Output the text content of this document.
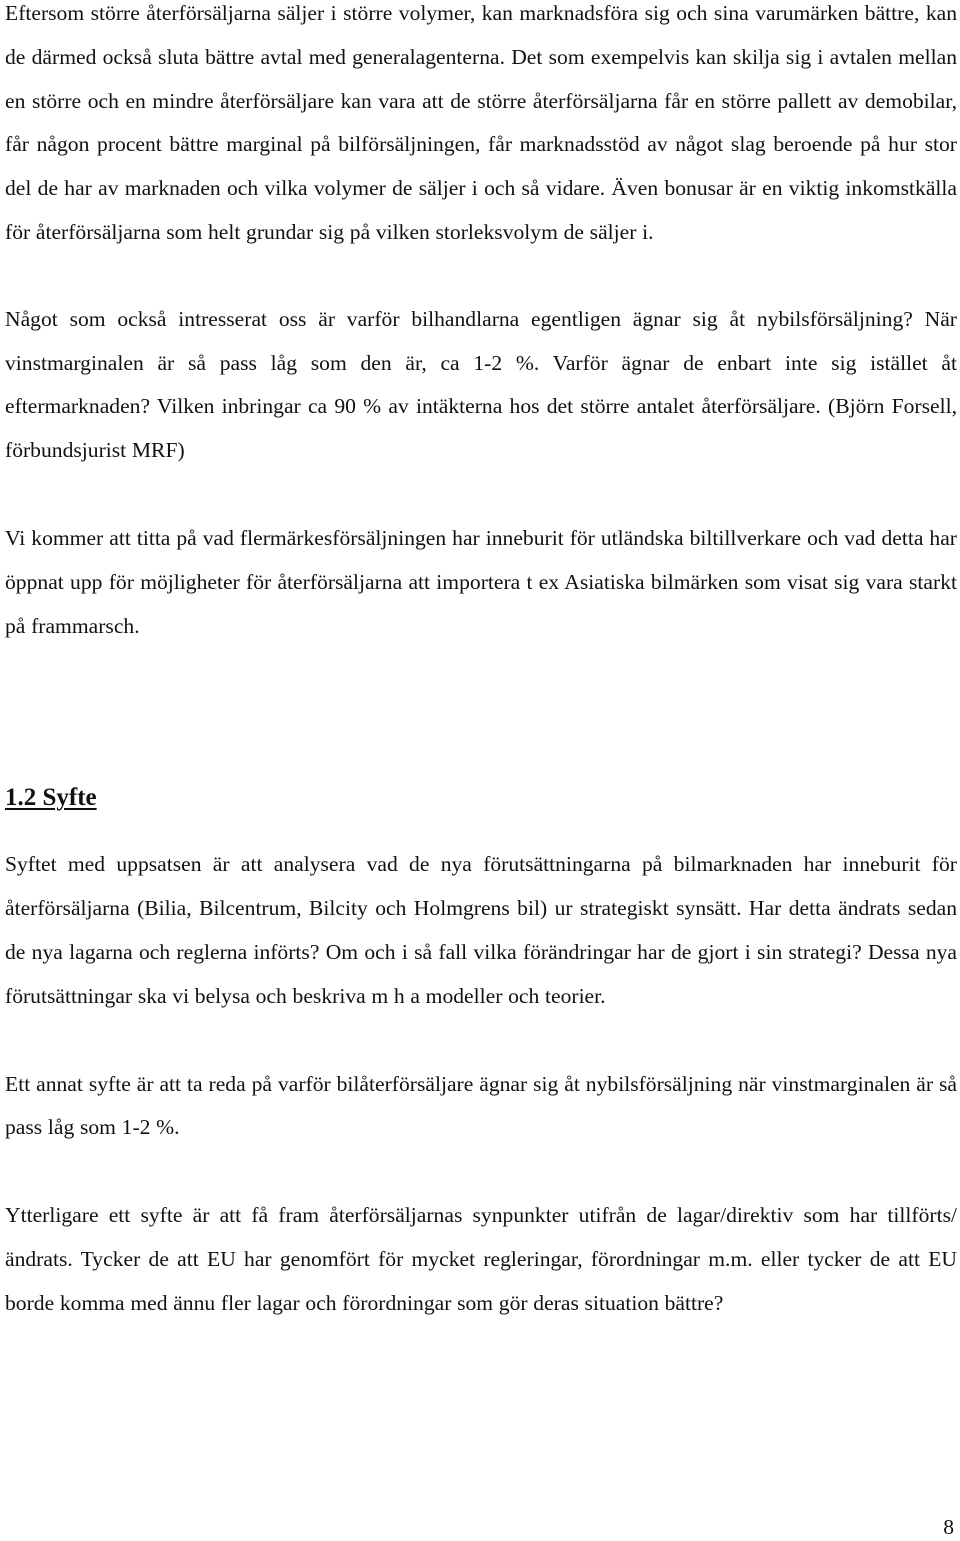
Eftersom större återförsäljarna säljer i större volymer, kan marknadsföra sig och sina varumärken bättre, kan de därmed också sluta bättre avtal med generalagenterna. Det som exempelvis kan skilja sig i avtalen mellan en större och en mindre återförsäljare kan vara att de större återförsäljarna får en större pallett av demobilar, får någon procent bättre marginal på bilförsäljningen, får marknadsstöd av något slag beroende på hur stor del de har av marknaden och vilka volymer de säljer i och så vidare. Även bonusar är en viktig inkomstkälla för återförsäljarna som helt grundar sig på vilken storleksvolym de säljer i.

Något som också intresserat oss är varför bilhandlarna egentligen ägnar sig åt nybilsförsäljning? När vinstmarginalen är så pass låg som den är, ca 1-2 %. Varför ägnar de enbart inte sig istället åt eftermarknaden? Vilken inbringar ca 90 % av intäkterna hos det större antalet återförsäljare. (Björn Forsell, förbundsjurist MRF)

Vi kommer att titta på vad flermärkesförsäljningen har inneburit för utländska biltillverkare och vad detta har öppnat upp för möjligheter för återförsäljarna att importera t ex Asiatiska bilmärken som visat sig vara starkt på frammarsch.

1.2 Syfte

Syftet med uppsatsen är att analysera vad de nya förutsättningarna på bilmarknaden har inneburit för återförsäljarna (Bilia, Bilcentrum, Bilcity och Holmgrens bil) ur strategiskt synsätt. Har detta ändrats sedan de nya lagarna och reglerna införts? Om och i så fall vilka förändringar har de gjort i sin strategi? Dessa nya förutsättningar ska vi belysa och beskriva m h a modeller och teorier.

Ett annat syfte är att ta reda på varför bilåterförsäljare ägnar sig åt nybilsförsäljning när vinstmarginalen är så pass låg som 1-2 %.

Ytterligare ett syfte är att få fram återförsäljarnas synpunkter utifrån de lagar/direktiv som har tillförts/ändrats. Tycker de att EU har genomfört för mycket regleringar, förordningar m.m. eller tycker de att EU borde komma med ännu fler lagar och förordningar som gör deras situation bättre?

8
